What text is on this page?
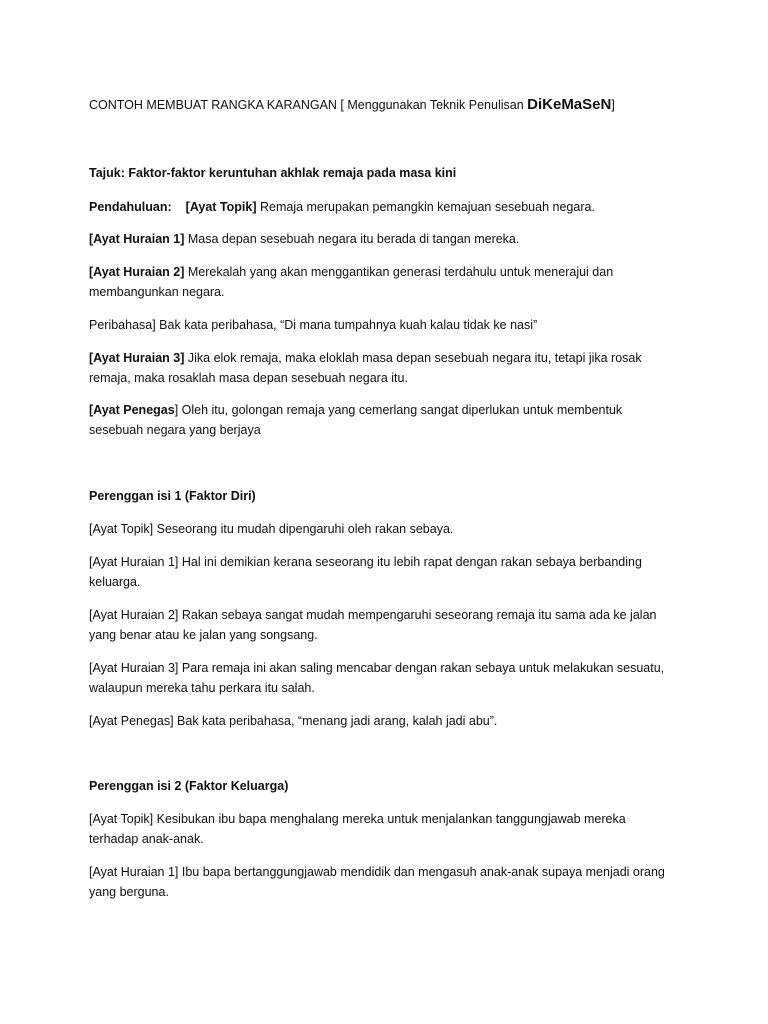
CONTOH MEMBUAT RANGKA KARANGAN [ Menggunakan Teknik Penulisan DiKeMaSeN]
Tajuk: Faktor-faktor keruntuhan akhlak remaja pada masa kini
Pendahuluan: [Ayat Topik] Remaja merupakan pemangkin kemajuan sesebuah negara.
[Ayat Huraian 1] Masa depan sesebuah negara itu berada di tangan mereka.
[Ayat Huraian 2] Merekalah yang akan menggantikan generasi terdahulu untuk menerajui dan
membangunkan negara.
Peribahasa] Bak kata peribahasa, “Di mana tumpahnya kuah kalau tidak ke nasi”
[Ayat Huraian 3] Jika elok remaja, maka eloklah masa depan sesebuah negara itu, tetapi jika rosak
remaja, maka rosaklah masa depan sesebuah negara itu.
[Ayat Penegas] Oleh itu, golongan remaja yang cemerlang sangat diperlukan untuk membentuk
sesebuah negara yang berjaya
Perenggan isi 1 (Faktor Diri)
[Ayat Topik] Seseorang itu mudah dipengaruhi oleh rakan sebaya.
[Ayat Huraian 1] Hal ini demikian kerana seseorang itu lebih rapat dengan rakan sebaya berbanding
keluarga.
[Ayat Huraian 2] Rakan sebaya sangat mudah mempengaruhi seseorang remaja itu sama ada ke jalan
yang benar atau ke jalan yang songsang.
[Ayat Huraian 3] Para remaja ini akan saling mencabar dengan rakan sebaya untuk melakukan sesuatu,
walaupun mereka tahu perkara itu salah.
[Ayat Penegas] Bak kata peribahasa, “menang jadi arang, kalah jadi abu”.
Perenggan isi 2 (Faktor Keluarga)
[Ayat Topik] Kesibukan ibu bapa menghalang mereka untuk menjalankan tanggungjawab mereka
terhadap anak-anak.
[Ayat Huraian 1] Ibu bapa bertanggungjawab mendidik dan mengasuh anak-anak supaya menjadi orang
yang berguna.
